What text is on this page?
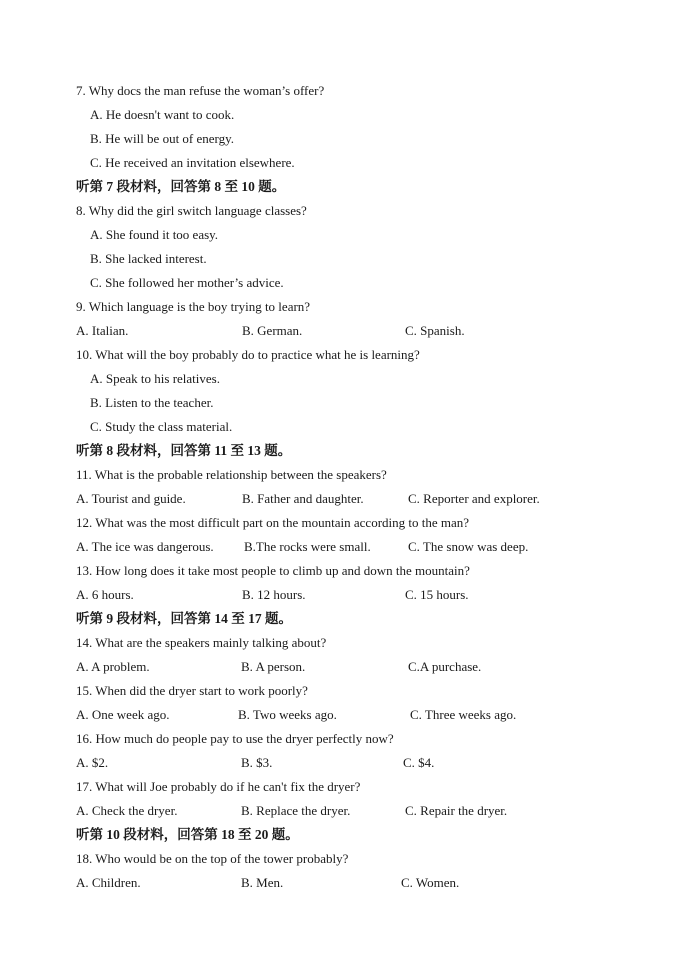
7. Why docs the man refuse the woman’s offer?
A. He doesn't want to cook.
B. He will be out of energy.
C. He received an invitation elsewhere.
听第 7 段材料，回答第 8 至 10 题。
8. Why did the girl switch language classes?
A. She found it too easy.
B. She lacked interest.
C. She followed her mother’s advice.
9. Which language is the boy trying to learn?
A. Italian.	B. German.	C. Spanish.
10. What will the boy probably do to practice what he is learning?
A. Speak to his relatives.
B. Listen to the teacher.
C. Study the class material.
听第 8 段材料，回答第 11 至 13 题。
11. What is the probable relationship between the speakers?
A. Tourist and guide.	B. Father and daughter.	C. Reporter and explorer.
12. What was the most difficult part on the mountain according to the man?
A. The ice was dangerous. B.The rocks were small.	C. The snow was deep.
13. How long does it take most people to climb up and down the mountain?
A. 6 hours.	B. 12 hours.	C. 15 hours.
听第 9 段材料，回答第 14 至 17 题。
14. What are the speakers mainly talking about?
A. A problem.	B. A person.	C.A purchase.
15. When did the dryer start to work poorly?
A. One week ago.	B. Two weeks ago.	C. Three weeks ago.
16. How much do people pay to use the dryer perfectly now?
A. $2.	B. $3.	C. $4.
17. What will Joe probably do if he can't fix the dryer?
A. Check the dryer.	B. Replace the dryer.	C. Repair the dryer.
听第 10 段材料，回答第 18 至 20 题。
18. Who would be on the top of the tower probably?
A. Children.	B. Men.	C. Women.
